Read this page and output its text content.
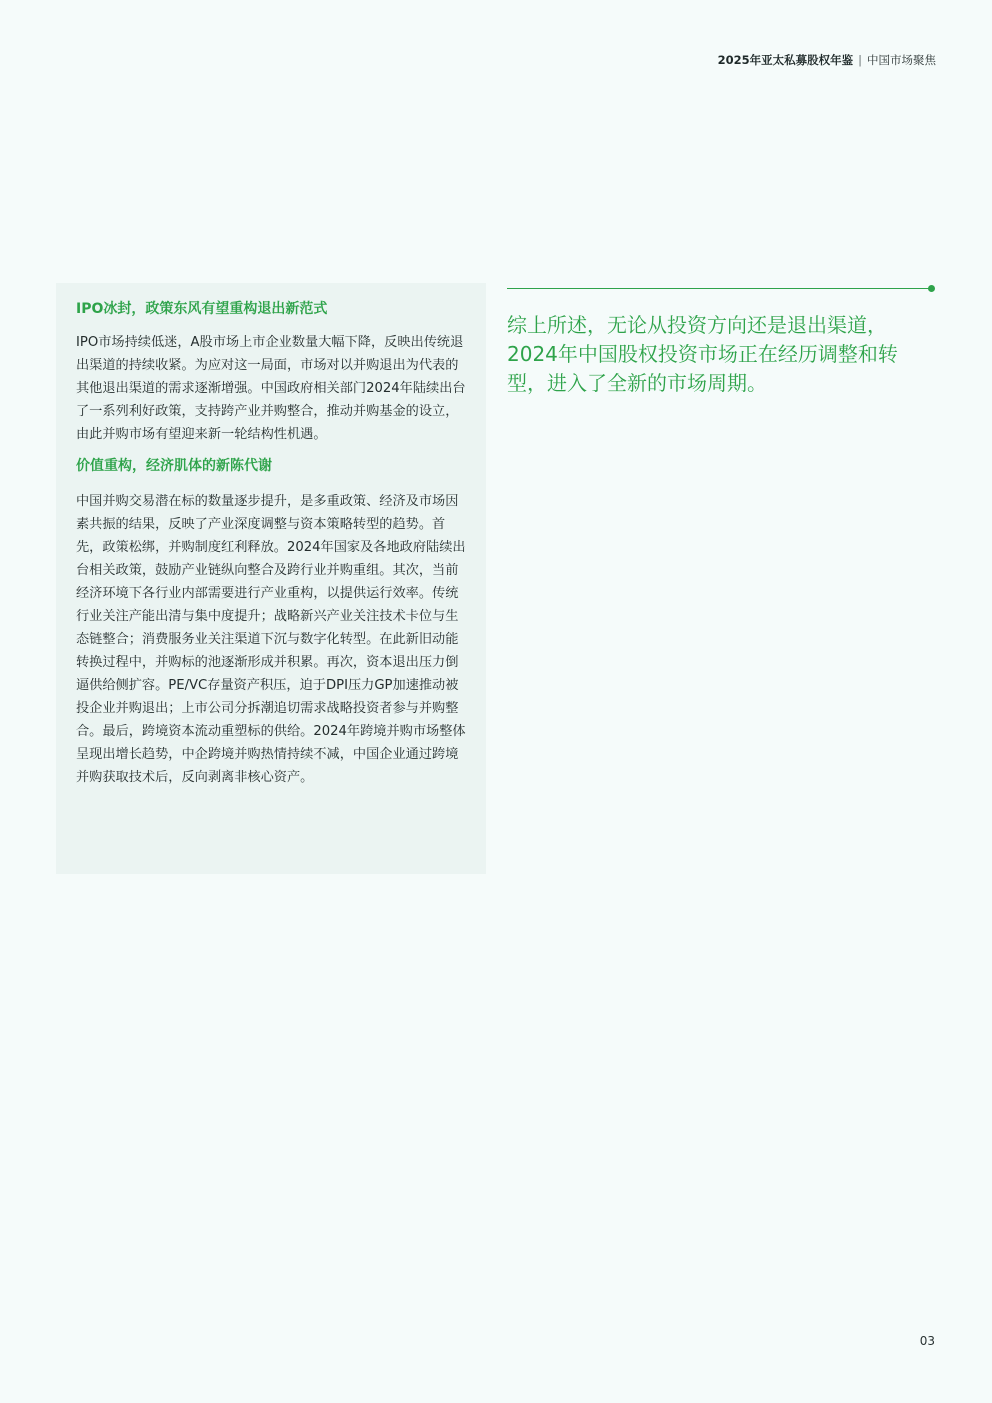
2025年亚太私募股权年鉴 | 中国市场聚焦
IPO冰封，政策东风有望重构退出新范式

IPO市场持续低迷，A股市场上市企业数量大幅下降，反映出传统退出渠道的持续收紧。为应对这一局面，市场对以并购退出为代表的其他退出渠道的需求逐渐增强。中国政府相关部门2024年陆续出台了一系列利好政策，支持跨产业并购整合，推动并购基金的设立，由此并购市场有望迎来新一轮结构性机遇。

价值重构，经济肌体的新陈代谢

中国并购交易潜在标的数量逐步提升，是多重政策、经济及市场因素共振的结果，反映了产业深度调整与资本策略转型的趋势。首先，政策松绑，并购制度红利释放。2024年国家及各地政府陆续出台相关政策，鼓励产业链纵向整合及跨行业并购重组。其次，当前经济环境下各行业内部需要进行产业重构，以提供运行效率。传统行业关注产能出清与集中度提升；战略新兴产业关注技术卡位与生态链整合；消费服务业关注渠道下沉与数字化转型。在此新旧动能转换过程中，并购标的池逐渐形成并积累。再次，资本退出压力倒逼供给侧扩容。PE/VC存量资产积压，迫于DPI压力GP加速推动被投企业并购退出；上市公司分拆潮追切需求战略投资者参与并购整合。最后，跨境资本流动重塑标的供给。2024年跨境并购市场整体呈现出增长趋势，中企跨境并购热情持续不减，中国企业通过跨境并购获取技术后，反向剥离非核心资产。

综上所述，无论从投资方向还是退出渠道，2024年中国股权投资市场正在经历调整和转型，进入了全新的市场周期。

03
